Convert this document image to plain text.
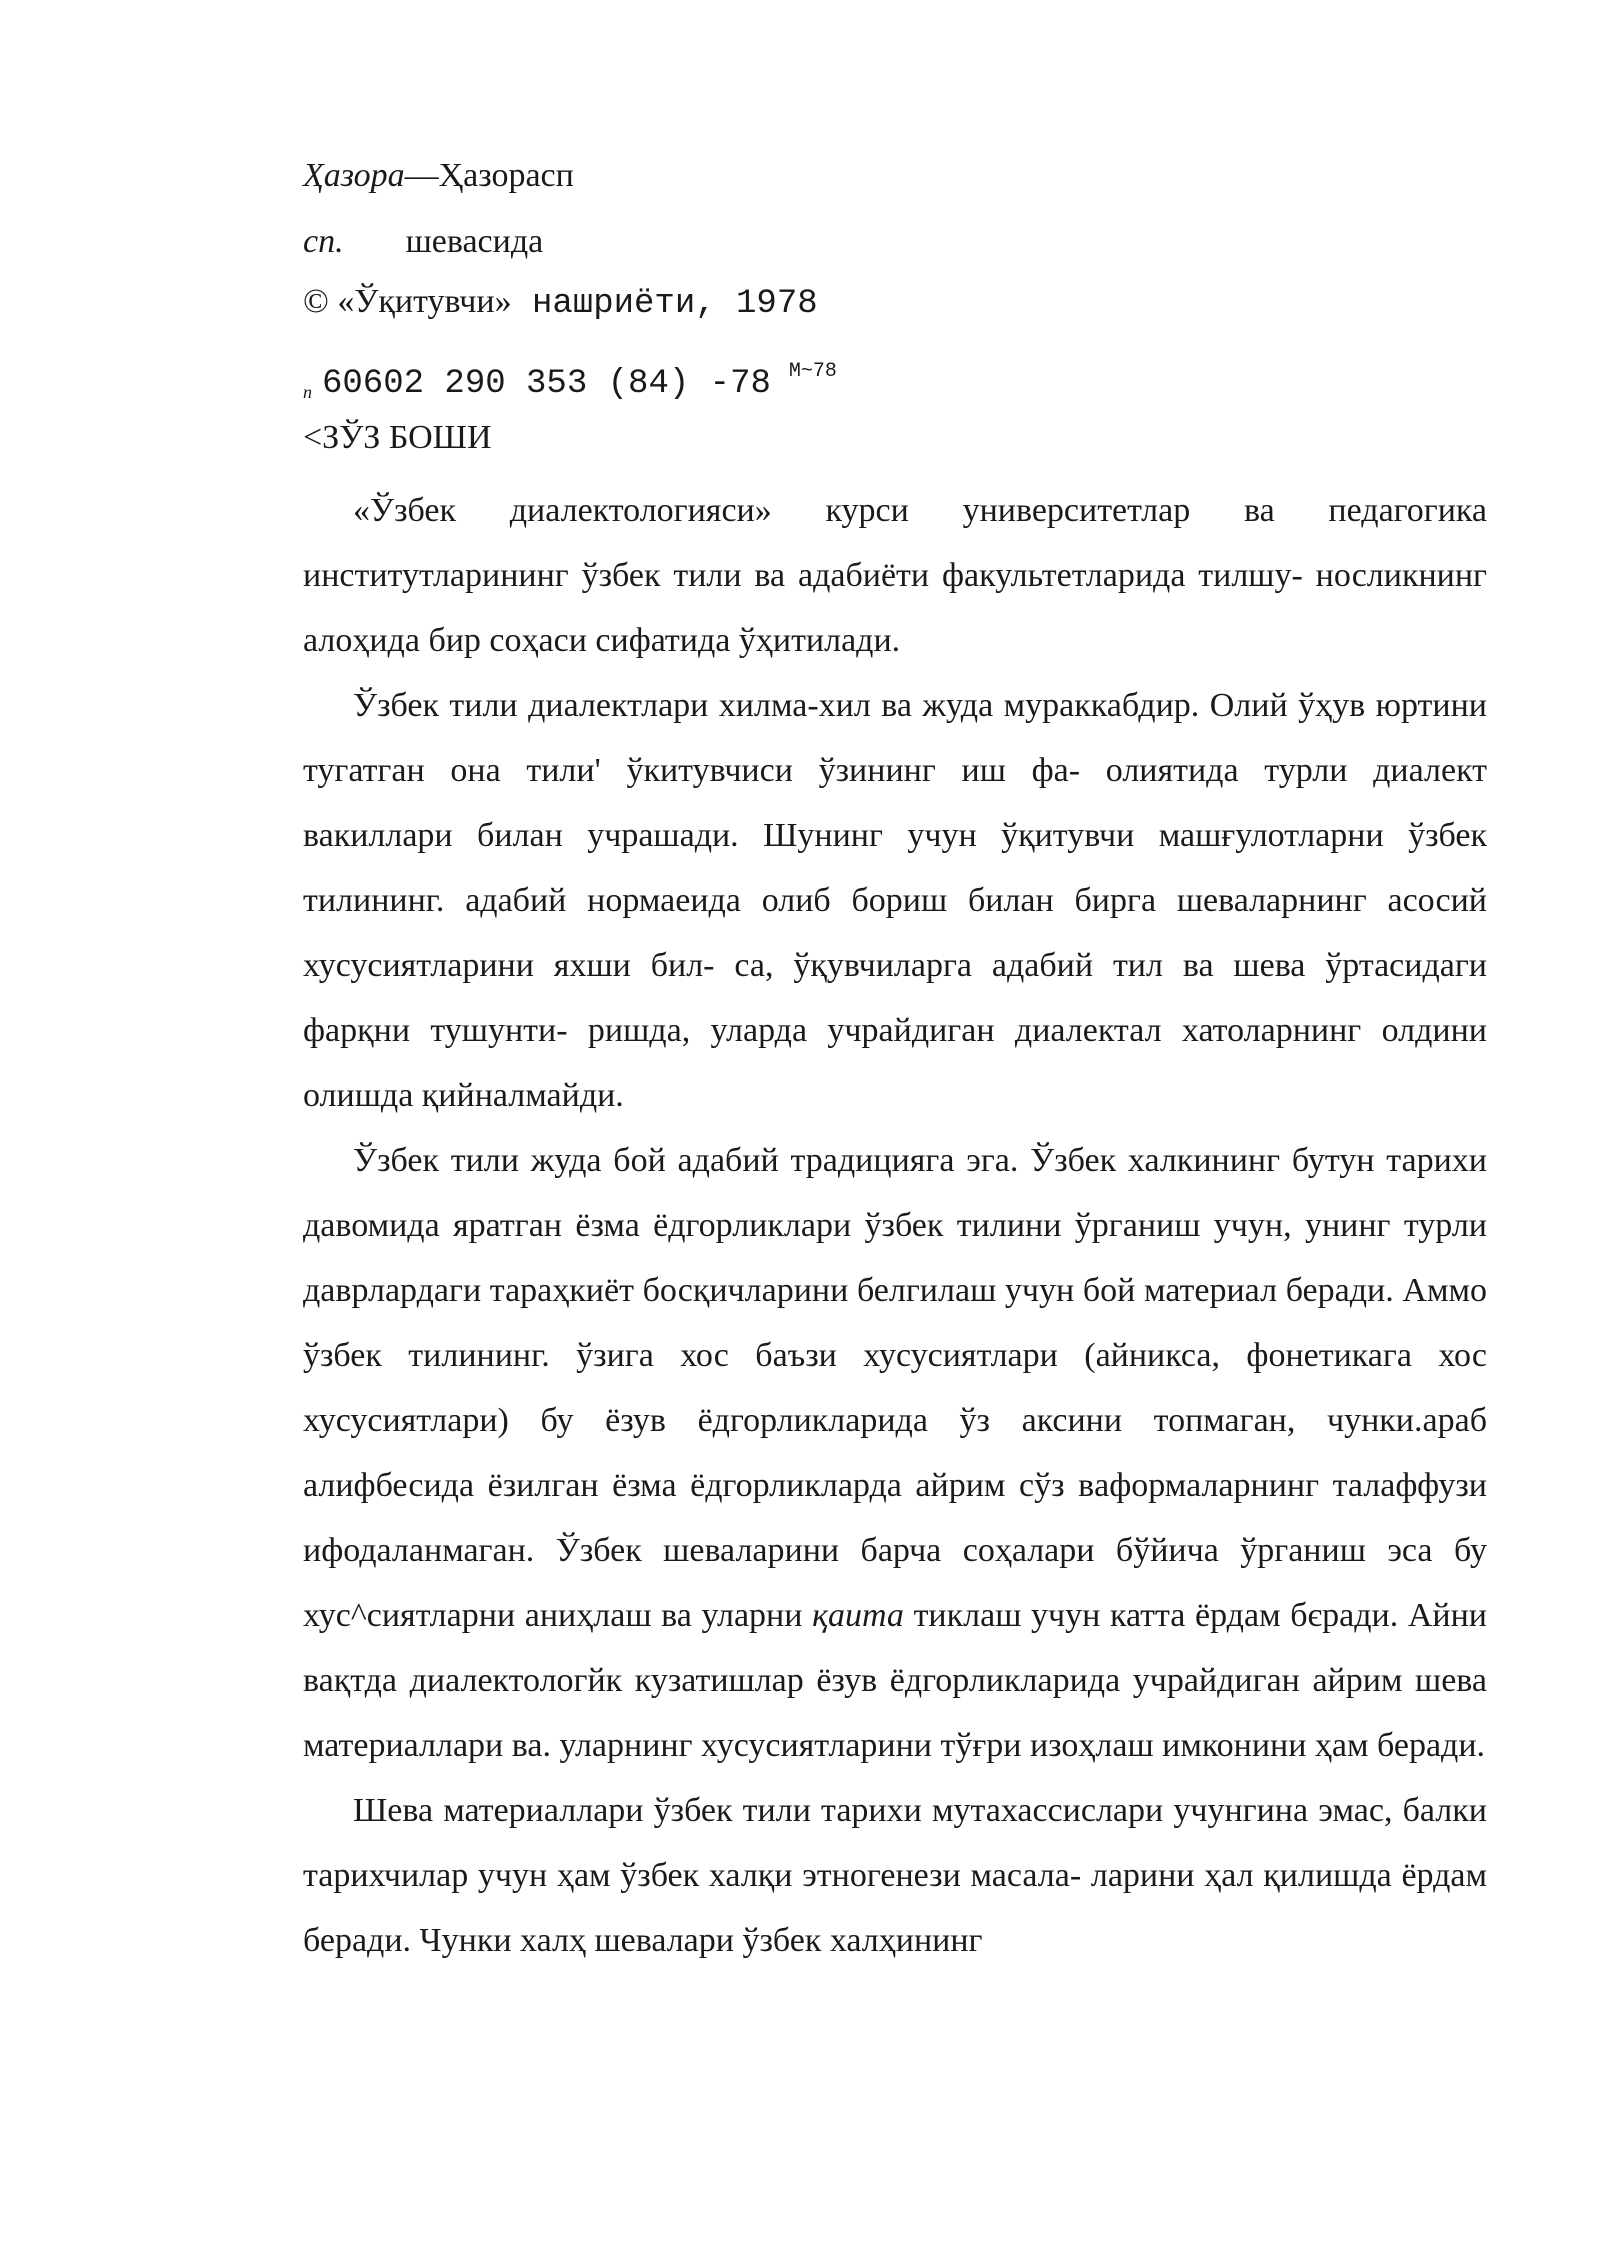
Ҳазора—Ҳазорасп
сп. шевасида
© «Ўқитувчи» нашриёти, 1978
п 60602 290 353 (84) -78 $^{М\sim 78}$
<ЗЎЗ БОШИ

«Ўзбек диалектологияси» курси университетлар ва педагогика институтларининг ўзбек тили ва адабиёти факультетларида тилшу- носликнинг алоҳида бир соҳаси сифатида ўҳитилади.

Ўзбек тили диалектлари хилма-хил ва жуда мураккабдир. Олий ўҳув юртини тугатган она тили' ўкитувчиси ўзининг иш фа- олиятида турли диалект вакиллари билан учрашади. Шунинг учун ўқитувчи машғулотларни ўзбек тилининг. адабий нормаеида олиб бориш билан бирга шеваларнинг асосий хусусиятларини яхши бил- са, ўқувчиларга адабий тил ва шева ўртасидаги фарқни тушунти- ришда, уларда учрайдиган диалектал хатоларнинг олдини олишда қийналмайди.

Ўзбек тили жуда бой адабий традицияга эга. Ўзбек халкининг бутун тарихи давомида яратган ёзма ёдгорликлари ўзбек тилини ўрганиш учун, унинг турли даврлардаги тараҳкиёт босқичларини белгилаш учун бой материал беради. Аммо ўзбек тилининг. ўзига хос баъзи хусусиятлари (айникса, фонетикага хос хусусиятлари) бу ёзув ёдгорликларида ўз аксини топмаган, чунки.араб алифбесида ёзилган ёзма ёдгорликларда айрим сўз вaформаларнинг талаффузи ифодаланмаган. Ўзбек шеваларини барча соҳалари бўйича ўрганиш эса бу хус^сиятларни аниҳлаш ва уларни қаита тиклаш учун катта ёрдам бєради. Айни вақтда диалектологйк кузатишлар ёзув ёдгорликларида учрайдиган айрим шева материаллари ва. уларнинг хусусиятларини тўғри изоҳлаш имконини ҳам беради.

Шева материаллари ўзбек тили тарихи мутахассислари учунгина эмас, балки тарихчилар учун ҳам ўзбек халқи этногенези масала- ларини ҳал қилишда ёрдам беради. Чунки халҳ шевалари ўзбек халҳининг
